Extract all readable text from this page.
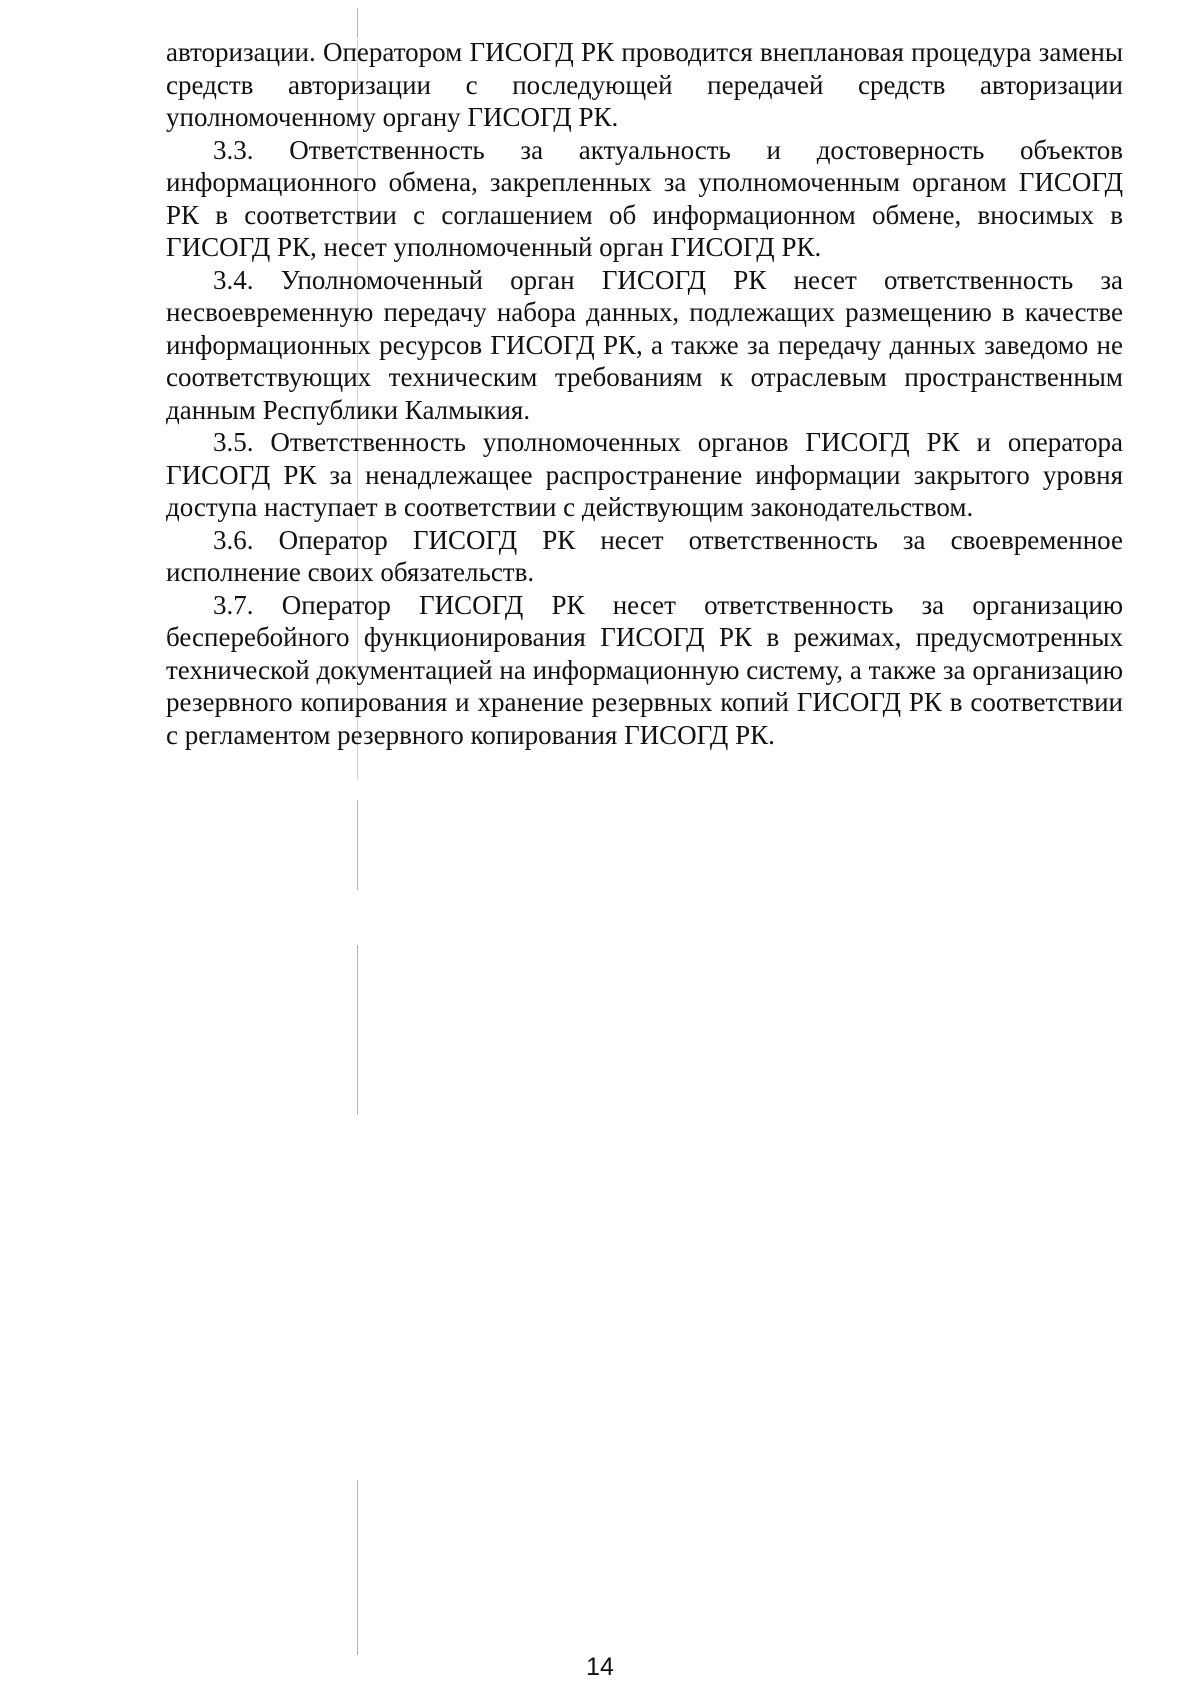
авторизации. Оператором ГИСОГД РК проводится внеплановая процедура замены средств авторизации с последующей передачей средств авторизации уполномоченному органу ГИСОГД РК.

3.3. Ответственность за актуальность и достоверность объектов информационного обмена, закрепленных за уполномоченным органом ГИСОГД РК в соответствии с соглашением об информационном обмене, вносимых в ГИСОГД РК, несет уполномоченный орган ГИСОГД РК.

3.4. Уполномоченный орган ГИСОГД РК несет ответственность за несвоевременную передачу набора данных, подлежащих размещению в качестве информационных ресурсов ГИСОГД РК, а также за передачу данных заведомо не соответствующих техническим требованиям к отраслевым пространственным данным Республики Калмыкия.

3.5. Ответственность уполномоченных органов ГИСОГД РК и оператора ГИСОГД РК за ненадлежащее распространение информации закрытого уровня доступа наступает в соответствии с действующим законодательством.

3.6. Оператор ГИСОГД РК несет ответственность за своевременное исполнение своих обязательств.

3.7. Оператор ГИСОГД РК несет ответственность за организацию бесперебойного функционирования ГИСОГД РК в режимах, предусмотренных технической документацией на информационную систему, а также за организацию резервного копирования и хранение резервных копий ГИСОГД РК в соответствии с регламентом резервного копирования ГИСОГД РК.

14
